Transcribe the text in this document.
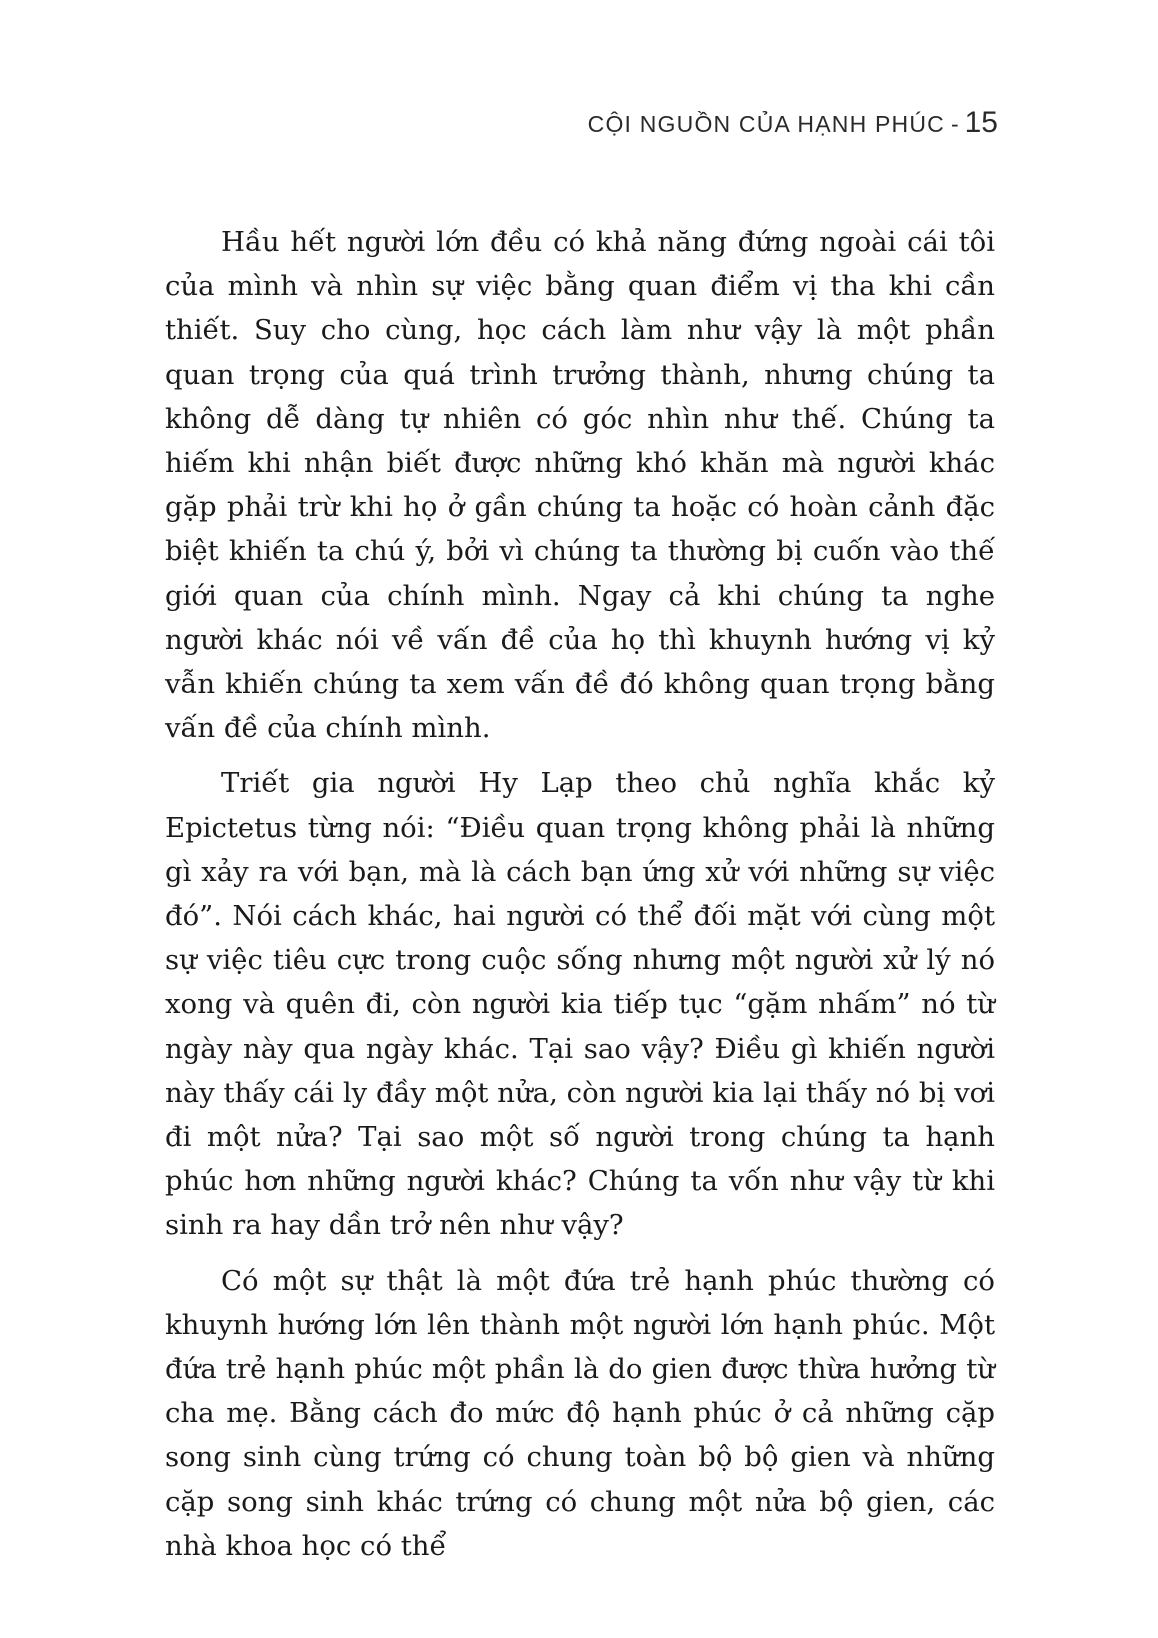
CỘI NGUỒN CỦA HẠNH PHÚC - 15

Hầu hết người lớn đều có khả năng đứng ngoài cái tôi của mình và nhìn sự việc bằng quan điểm vị tha khi cần thiết. Suy cho cùng, học cách làm như vậy là một phần quan trọng của quá trình trưởng thành, nhưng chúng ta không dễ dàng tự nhiên có góc nhìn như thế. Chúng ta hiếm khi nhận biết được những khó khăn mà người khác gặp phải trừ khi họ ở gần chúng ta hoặc có hoàn cảnh đặc biệt khiến ta chú ý, bởi vì chúng ta thường bị cuốn vào thế giới quan của chính mình. Ngay cả khi chúng ta nghe người khác nói về vấn đề của họ thì khuynh hướng vị kỷ vẫn khiến chúng ta xem vấn đề đó không quan trọng bằng vấn đề của chính mình.

Triết gia người Hy Lạp theo chủ nghĩa khắc kỷ Epictetus từng nói: “Điều quan trọng không phải là những gì xảy ra với bạn, mà là cách bạn ứng xử với những sự việc đó”. Nói cách khác, hai người có thể đối mặt với cùng một sự việc tiêu cực trong cuộc sống nhưng một người xử lý nó xong và quên đi, còn người kia tiếp tục “gặm nhấm” nó từ ngày này qua ngày khác. Tại sao vậy? Điều gì khiến người này thấy cái ly đầy một nửa, còn người kia lại thấy nó bị vơi đi một nửa? Tại sao một số người trong chúng ta hạnh phúc hơn những người khác? Chúng ta vốn như vậy từ khi sinh ra hay dần trở nên như vậy?

Có một sự thật là một đứa trẻ hạnh phúc thường có khuynh hướng lớn lên thành một người lớn hạnh phúc. Một đứa trẻ hạnh phúc một phần là do gien được thừa hưởng từ cha mẹ. Bằng cách đo mức độ hạnh phúc ở cả những cặp song sinh cùng trứng có chung toàn bộ bộ gien và những cặp song sinh khác trứng có chung một nửa bộ gien, các nhà khoa học có thể
